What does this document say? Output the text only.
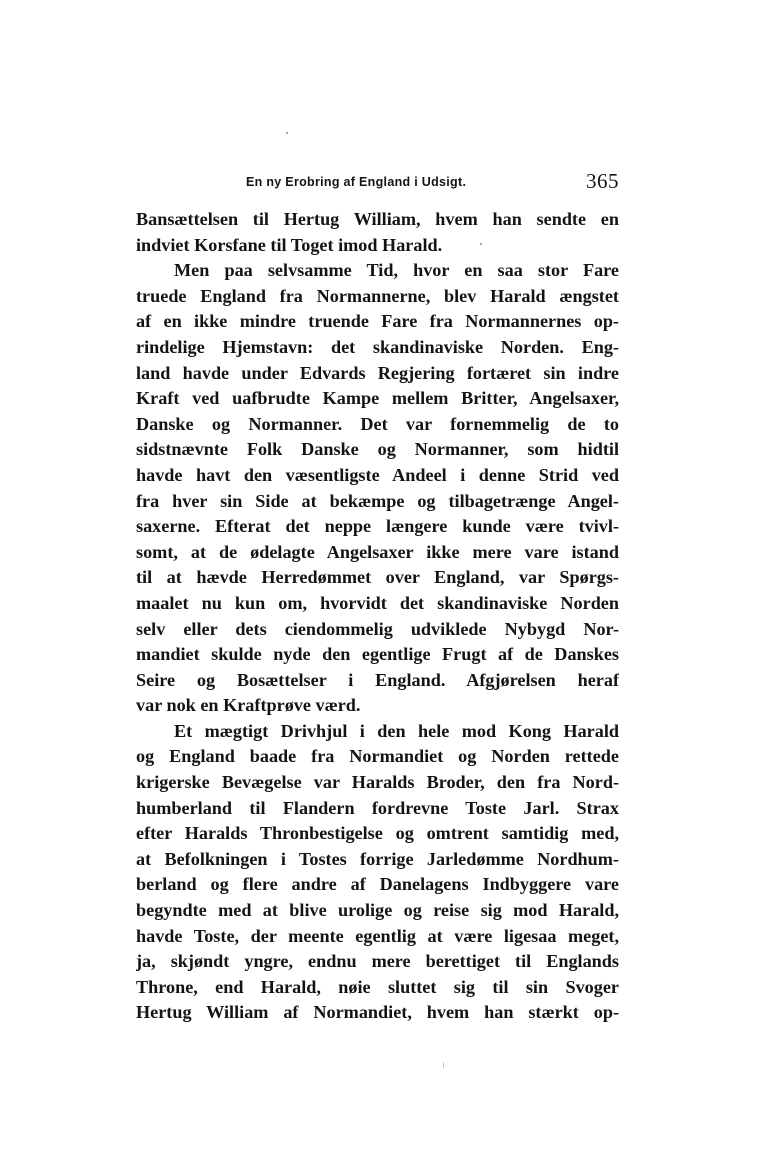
En ny Erobring af England i Udsigt.	365
Bansættelsen til Hertug William, hvem han sendte en
indviet Korsfane til Toget imod Harald.
Men paa selvsamme Tid, hvor en saa stor Fare
truede England fra Normannerne, blev Harald ængstet
af en ikke mindre truende Fare fra Normannernes op-
rindelige Hjemstavn: det skandinaviske Norden. Eng-
land havde under Edvards Regjering fortæret sin indre
Kraft ved uafbrudte Kampe mellem Britter, Angelsaxer,
Danske og Normanner. Det var fornemmelig de to
sidstnævnte Folk Danske og Normanner, som hidtil
havde havt den væsentligste Andeel i denne Strid ved
fra hver sin Side at bekæmpe og tilbagetrænge Angel-
saxerne. Efterat det neppe længere kunde være tvivl-
somt, at de ødelagte Angelsaxer ikke mere vare istand
til at hævde Herredømmet over England, var Spørgs-
maalet nu kun om, hvorvidt det skandinaviske Norden
selv eller dets ciendommelig udviklede Nybygd Nor-
mandiet skulde nyde den egentlige Frugt af de Danskes
Seire og Bosættelser i England. Afgjørelsen heraf
var nok en Kraftprøve værd.
Et mægtigt Drivhjul i den hele mod Kong Harald
og England baade fra Normandiet og Norden rettede
krigerske Bevægelse var Haralds Broder, den fra Nord-
humberland til Flandern fordrevne Toste Jarl. Strax
efter Haralds Thronbestigelse og omtrent samtidig med,
at Befolkningen i Tostes forrige Jarledømme Nordhum-
berland og flere andre af Danelagens Indbyggere vare
begyndte med at blive urolige og reise sig mod Harald,
havde Toste, der meente egentlig at være ligesaa meget,
ja, skjøndt yngre, endnu mere berettiget til Englands
Throne, end Harald, nøie sluttet sig til sin Svoger
Hertug William af Normandiet, hvem han stærkt op-
